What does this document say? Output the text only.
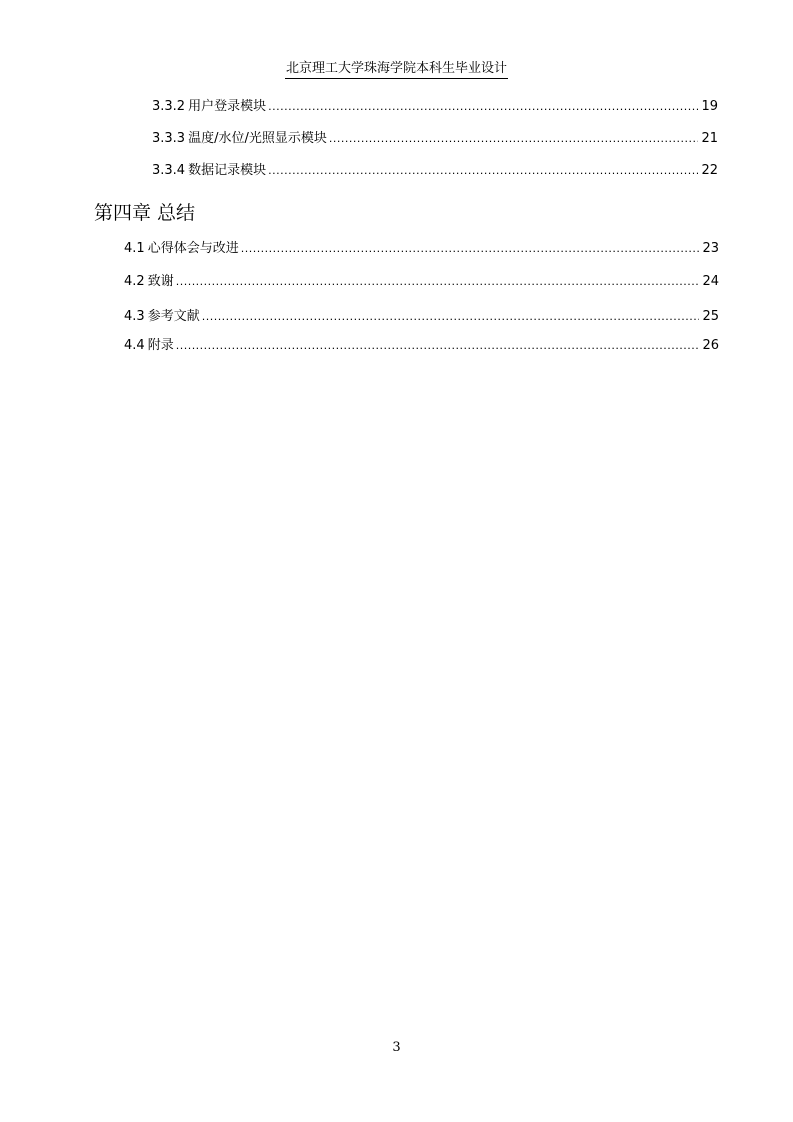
北京理工大学珠海学院本科生毕业设计
3.3.2 用户登录模块 .....	19
3.3.3 温度/水位/光照显示模块 .....	21
3.3.4 数据记录模块 .....	22
第四章 总结
4.1 心得体会与改进 .....	23
4.2 致谢 .....	24
4.3 参考文献 .....	25
4.4 附录 .....	26
3
